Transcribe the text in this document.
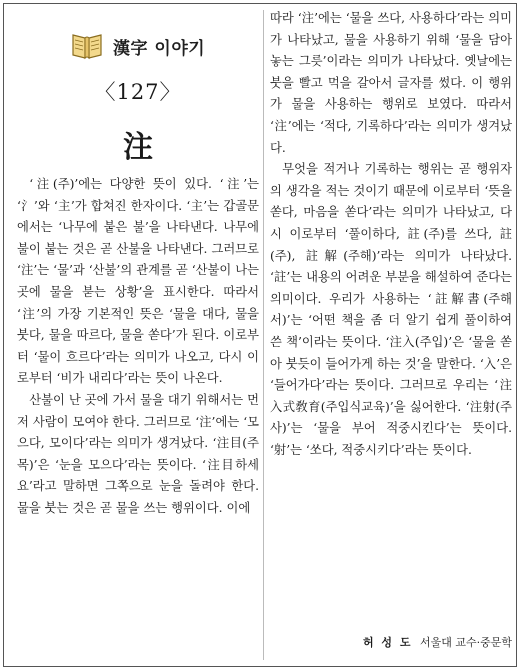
漢字 이야기
〈127〉
注

‘注(주)’에는 다양한 뜻이 있다. ‘注’는 ‘氵’와 ‘主’가 합쳐진 한자이다. ‘主’는 갑골문에서는 ‘나무에 붙은 불’을 나타낸다. 나무에 불이 붙는 것은 곧 산불을 나타낸다. 그러므로 ‘注’는 ‘물’과 ‘산불’의 관계를 곧 ‘산불이 나는 곳에 물을 붇는 상황’을 표시한다. 따라서 ‘注’의 가장 기본적인 뜻은 ‘물을 대다, 물을 붓다, 물을 따르다, 물을 쏟다’가 된다. 이로부터 ‘물이 흐르다’라는 의미가 나오고, 다시 이로부터 ‘비가 내리다’라는 뜻이 나온다.

산불이 난 곳에 가서 물을 대기 위해서는 먼저 사람이 모여야 한다. 그러므로 ‘注’에는 ‘모으다, 모이다’라는 의미가 생겨났다. ‘注目(주목)’은 ‘눈을 모으다’라는 뜻이다. ‘注目하세요’라고 말하면 그쪽으로 눈을 돌려야 한다. 물을 붓는 것은 곧 물을 쓰는 행위이다. 이에

따라 ‘注’에는 ‘물을 쓰다, 사용하다’라는 의미가 나타났고, 물을 사용하기 위해 ‘물을 담아 놓는 그릇’이라는 의미가 나타났다. 옛날에는 붓을 빨고 먹을 갈아서 글자를 썼다. 이 행위가 물을 사용하는 행위로 보였다. 따라서 ‘注’에는 ‘적다, 기록하다’라는 의미가 생겨났다.

무엇을 적거나 기록하는 행위는 곧 행위자의 생각을 적는 것이기 때문에 이로부터 ‘뜻을 쏟다, 마음을 쏟다’라는 의미가 나타났고, 다시 이로부터 ‘풀이하다, 註(주)를 쓰다, 註(주), 註解(주해)’라는 의미가 나타났다. ‘註’는 내용의 어려운 부분을 해설하여 준다는 의미이다. 우리가 사용하는 ‘註解書(주해서)’는 ‘어떤 책을 좀 더 알기 쉽게 풀이하여 쓴 책’이라는 뜻이다. ‘注入(주입)’은 ‘물을 쏟아 붓듯이 들어가게 하는 것’을 말한다. ‘入’은 ‘들어가다’라는 뜻이다. 그러므로 우리는 ‘注入式敎育(주입식교육)’을 싫어한다. ‘注射(주사)’는 ‘물을 부어 적중시킨다’는 뜻이다. ‘射’는 ‘쏘다, 적중시키다’라는 뜻이다.

허 성 도 서울대 교수·중문학
